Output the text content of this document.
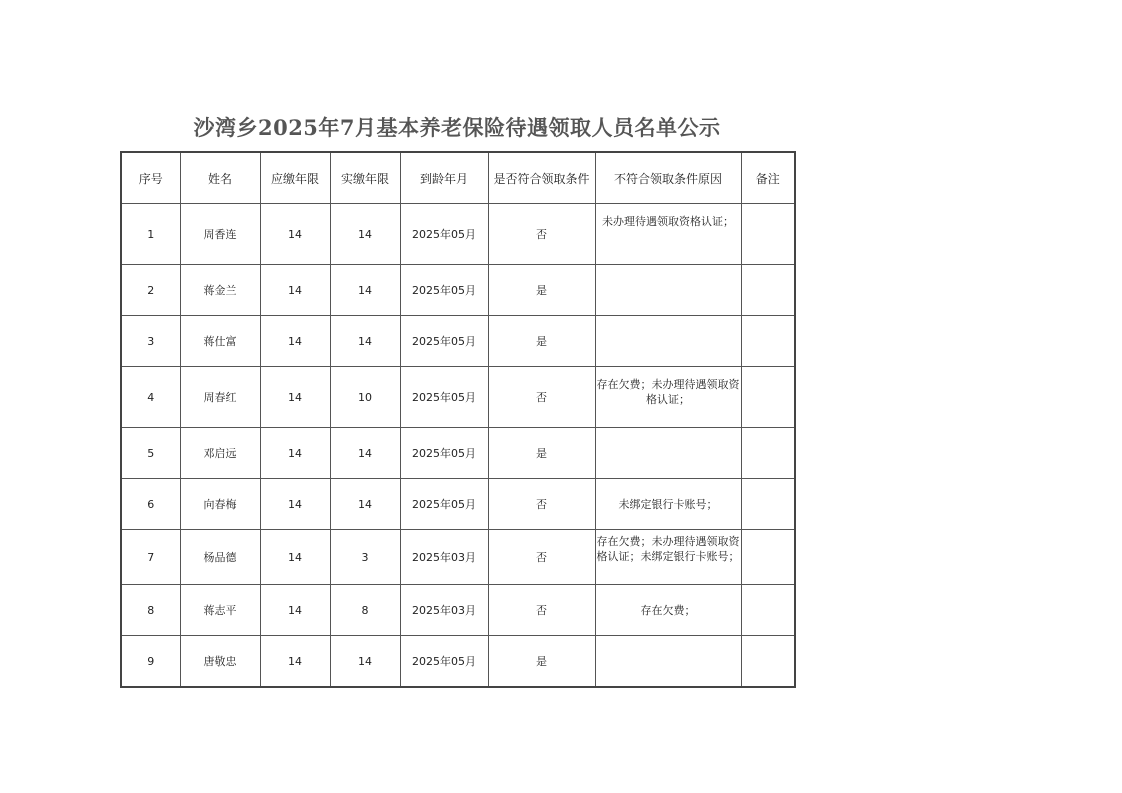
沙湾乡2025年7月基本养老保险待遇领取人员名单公示
序号	姓名	应缴年限	实缴年限	到龄年月	是否符合领取条件	不符合领取条件原因	备注
1	周香连	14	14	2025年05月	否	未办理待遇领取资格认证；	
2	蒋金兰	14	14	2025年05月	是		
3	蒋仕富	14	14	2025年05月	是		
4	周春红	14	10	2025年05月	否	存在欠费；未办理待遇领取资格认证；	
5	邓启远	14	14	2025年05月	是		
6	向春梅	14	14	2025年05月	否	未绑定银行卡账号；	
7	杨品德	14	3	2025年03月	否	存在欠费；未办理待遇领取资格认证；未绑定银行卡账号；	
8	蒋志平	14	8	2025年03月	否	存在欠费；	
9	唐敬忠	14	14	2025年05月	是		
